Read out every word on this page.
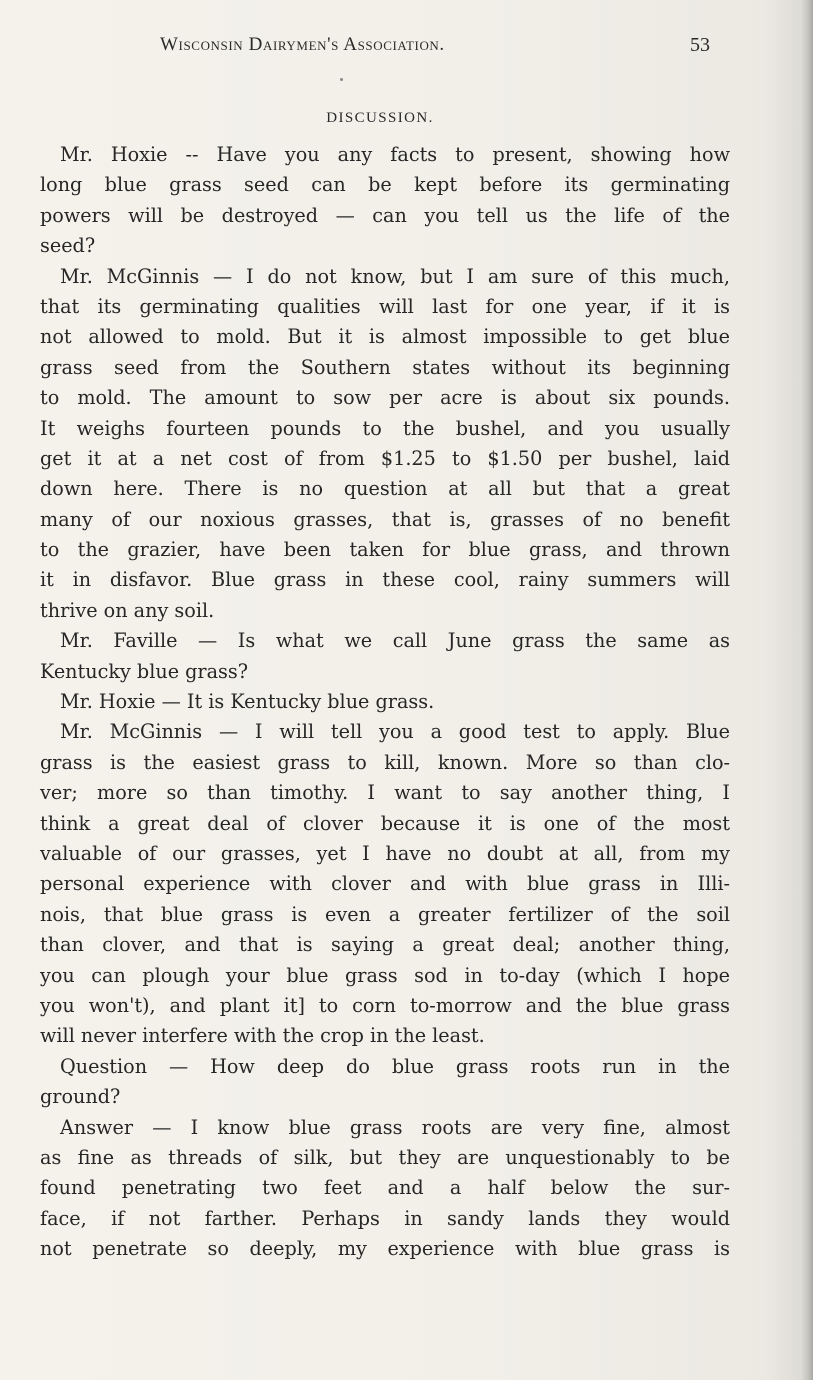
Wisconsin Dairymen's Association.	53
DISCUSSION.
Mr. Hoxie -- Have you any facts to present, showing how
long blue grass seed can be kept before its germinating
powers will be destroyed — can you tell us the life of the
seed?
Mr. McGinnis — I do not know, but I am sure of this much,
that its germinating qualities will last for one year, if it is
not allowed to mold. But it is almost impossible to get blue
grass seed from the Southern states without its beginning
to mold. The amount to sow per acre is about six pounds.
It weighs fourteen pounds to the bushel, and you usually
get it at a net cost of from $1.25 to $1.50 per bushel, laid
down here. There is no question at all but that a great
many of our noxious grasses, that is, grasses of no benefit
to the grazier, have been taken for blue grass, and thrown
it in disfavor. Blue grass in these cool, rainy summers will
thrive on any soil.
Mr. Faville — Is what we call June grass the same as
Kentucky blue grass?
Mr. Hoxie — It is Kentucky blue grass.
Mr. McGinnis — I will tell you a good test to apply. Blue
grass is the easiest grass to kill, known. More so than clo-
ver; more so than timothy. I want to say another thing, I
think a great deal of clover because it is one of the most
valuable of our grasses, yet I have no doubt at all, from my
personal experience with clover and with blue grass in Illi-
nois, that blue grass is even a greater fertilizer of the soil
than clover, and that is saying a great deal; another thing,
you can plough your blue grass sod in to-day (which I hope
you won't), and plant it] to corn to-morrow and the blue grass
will never interfere with the crop in the least.
Question — How deep do blue grass roots run in the
ground?
Answer — I know blue grass roots are very fine, almost
as fine as threads of silk, but they are unquestionably to be
found penetrating two feet and a half below the sur-
face, if not farther. Perhaps in sandy lands they would
not penetrate so deeply, my experience with blue grass is
